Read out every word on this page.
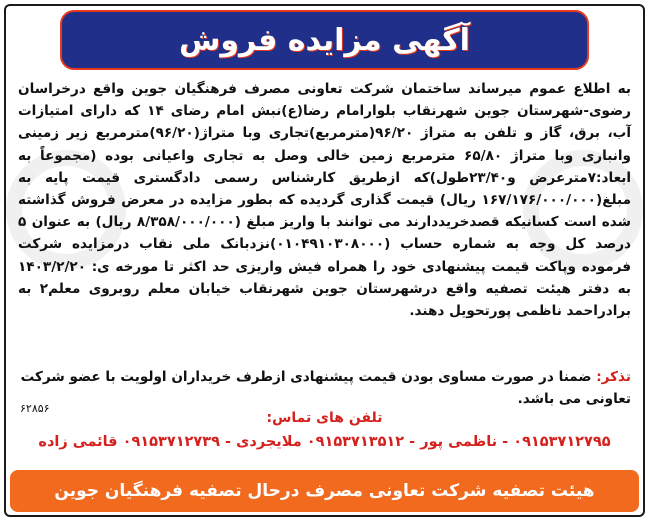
آگهی مزایده فروش
به اطلاع عموم میرساند ساختمان شرکت تعاونی مصرف فرهنگیان جوین واقع درخراسان رضوی-شهرستان جوین شهرنقاب بلوارامام رضا(ع)نبش امام رضای ۱۴ که دارای امتیازات آب، برق، گاز و تلفن به متراژ ۹۶/۲۰(مترمربع)تجاری وبا متراژ(۹۶/۲۰)مترمربع زیر زمینی وانباری وبا متراژ ۶۵/۸۰ مترمربع زمین خالی وصل به تجاری واعیانی بوده (مجموعاً به ابعاد:۷مترعرض و۲۳/۴۰طول)که ازطریق کارشناس رسمی دادگستری قیمت پایه به مبلغ(۱۶۷/۱۷۶/۰۰۰/۰۰۰ ریال) قیمت گذاری گردیده که بطور مزایده در معرض فروش گذاشته شده است کسانیکه قصدخریددارند می توانند با واریز مبلغ (۸/۳۵۸/۰۰۰/۰۰۰ ریال) به عنوان ۵ درصد کل وجه به شماره حساب (۰۱۰۴۹۱۰۳۰۸۰۰۰)نزدبانک ملی نقاب درمزایده شرکت فرموده وپاکت قیمت پیشنهادی خود را همراه فیش واریزی حد اکثر تا مورخه ی: ۱۴۰۳/۲/۲۰ به دفتر هیئت تصفیه واقع درشهرستان جوین شهرنقاب خیابان معلم روبروی معلم۲ به برادراحمد ناظمی پورتحویل دهند.
تذکر: ضمنا در صورت مساوی بودن قیمت پیشنهادی ازطرف خریداران اولویت با عضو شرکت تعاونی می باشد.
۶۲۸۵۶
تلفن های تماس:
۰۹۱۵۳۷۱۲۷۹۵ - ناظمی پور - ۰۹۱۵۳۷۱۳۵۱۲ ملایجردی - ۰۹۱۵۳۷۱۲۷۳۹ قائمی زاده
هیئت تصفیه شرکت تعاونی مصرف درحال تصفیه فرهنگیان جوین
